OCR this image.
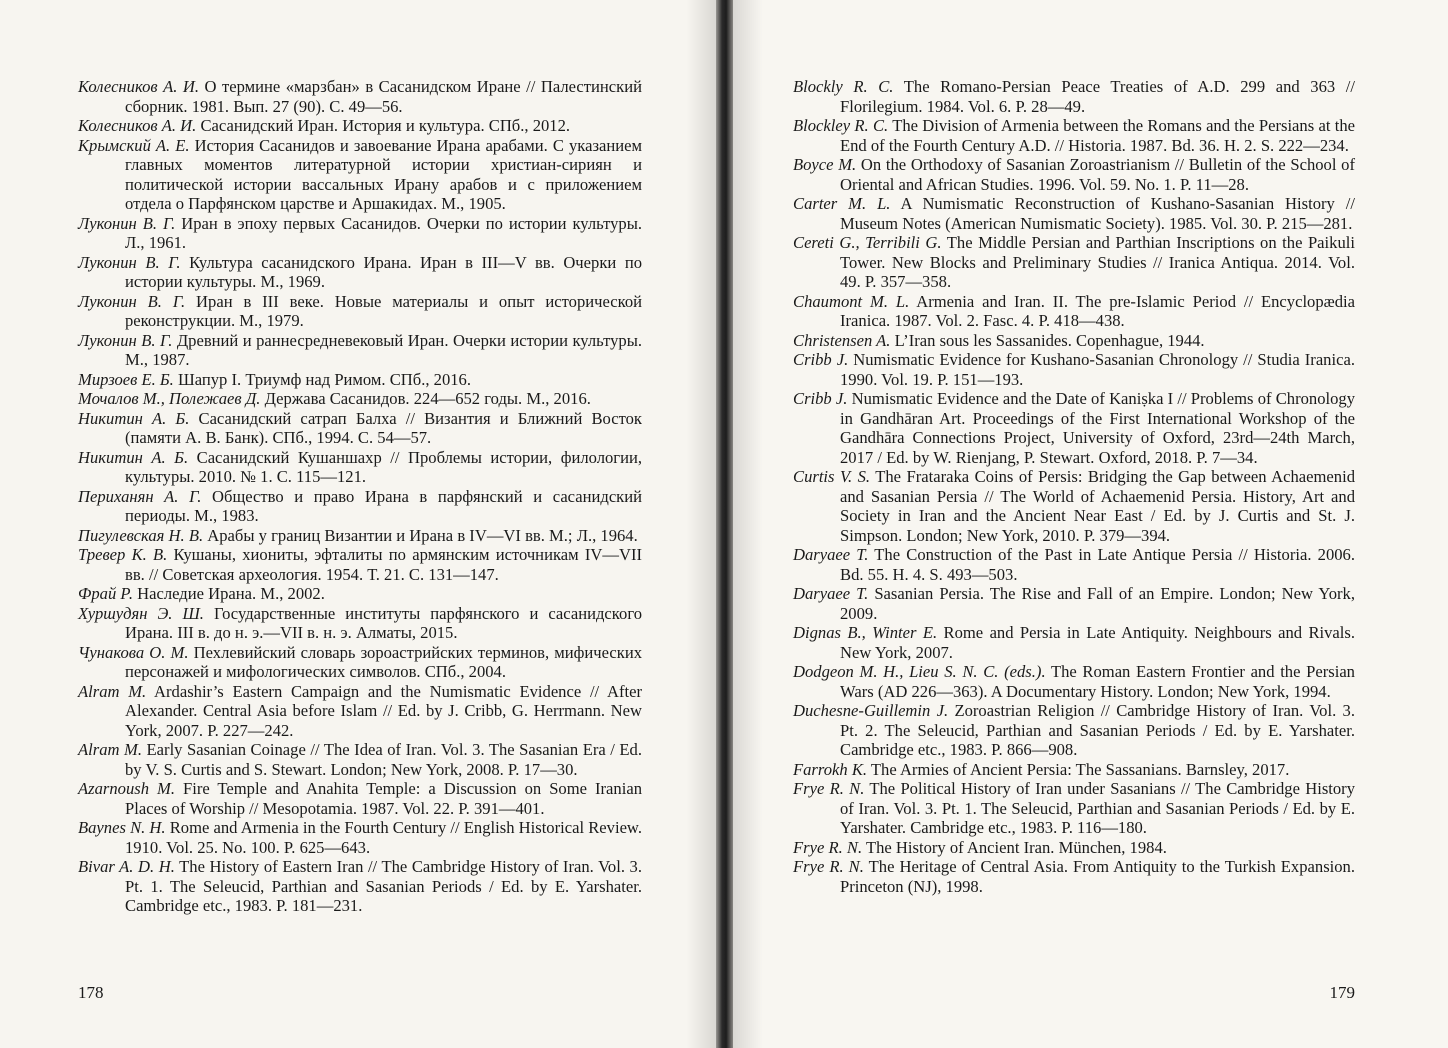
Колесников А. И. О термине «марзбан» в Сасанидском Иране // Палестинский сборник. 1981. Вып. 27 (90). С. 49—56.

Колесников А. И. Сасанидский Иран. История и культура. СПб., 2012.

Крымский А. Е. История Сасанидов и завоевание Ирана арабами. С указанием главных моментов литературной истории христиан-сириян и политической истории вассальных Ирану арабов и с приложением отдела о Парфянском царстве и Аршакидах. М., 1905.

Луконин В. Г. Иран в эпоху первых Сасанидов. Очерки по истории культуры. Л., 1961.

Луконин В. Г. Культура сасанидского Ирана. Иран в III—V вв. Очерки по истории культуры. М., 1969.

Луконин В. Г. Иран в III веке. Новые материалы и опыт исторической реконструкции. М., 1979.

Луконин В. Г. Древний и раннесредневековый Иран. Очерки истории культуры. М., 1987.

Мирзоев Е. Б. Шапур I. Триумф над Римом. СПб., 2016.

Мочалов М., Полежаев Д. Держава Сасанидов. 224—652 годы. М., 2016.

Никитин А. Б. Сасанидский сатрап Балха // Византия и Ближний Восток (памяти А. В. Банк). СПб., 1994. С. 54—57.

Никитин А. Б. Сасанидский Кушаншахр // Проблемы истории, филологии, культуры. 2010. № 1. С. 115—121.

Периханян А. Г. Общество и право Ирана в парфянский и сасанидский периоды. М., 1983.

Пигулевская Н. В. Арабы у границ Византии и Ирана в IV—VI вв. М.; Л., 1964.

Тревер К. В. Кушаны, хиониты, эфталиты по армянским источникам IV—VII вв. // Советская археология. 1954. Т. 21. С. 131—147.

Фрай Р. Наследие Ирана. М., 2002.

Хуршудян Э. Ш. Государственные институты парфянского и сасанидского Ирана. III в. до н. э.—VII в. н. э. Алматы, 2015.

Чунакова О. М. Пехлевийский словарь зороастрийских терминов, мифических персонажей и мифологических символов. СПб., 2004.

Alram M. Ardashir’s Eastern Campaign and the Numismatic Evidence // After Alexander. Central Asia before Islam // Ed. by J. Cribb, G. Herrmann. New York, 2007. P. 227—242.

Alram M. Early Sasanian Coinage // The Idea of Iran. Vol. 3. The Sasanian Era / Ed. by V. S. Curtis and S. Stewart. London; New York, 2008. P. 17—30.

Azarnoush M. Fire Temple and Anahita Temple: a Discussion on Some Iranian Places of Worship // Mesopotamia. 1987. Vol. 22. P. 391—401.

Baynes N. H. Rome and Armenia in the Fourth Century // English Historical Review. 1910. Vol. 25. No. 100. P. 625—643.

Bivar A. D. H. The History of Eastern Iran // The Cambridge History of Iran. Vol. 3. Pt. 1. The Seleucid, Parthian and Sasanian Periods / Ed. by E. Yarshater. Cambridge etc., 1983. P. 181—231.

178

Blockly R. C. The Romano-Persian Peace Treaties of A.D. 299 and 363 // Florilegium. 1984. Vol. 6. P. 28—49.

Blockley R. C. The Division of Armenia between the Romans and the Persians at the End of the Fourth Century A.D. // Historia. 1987. Bd. 36. H. 2. S. 222—234.

Boyce M. On the Orthodoxy of Sasanian Zoroastrianism // Bulletin of the School of Oriental and African Studies. 1996. Vol. 59. No. 1. P. 11—28.

Carter M. L. A Numismatic Reconstruction of Kushano-Sasanian History // Museum Notes (American Numismatic Society). 1985. Vol. 30. P. 215—281.

Cereti G., Terribili G. The Middle Persian and Parthian Inscriptions on the Paikuli Tower. New Blocks and Preliminary Studies // Iranica Antiqua. 2014. Vol. 49. P. 357—358.

Chaumont M. L. Armenia and Iran. II. The pre-Islamic Period // Encyclopædia Iranica. 1987. Vol. 2. Fasc. 4. P. 418—438.

Christensen A. L’Iran sous les Sassanides. Copenhague, 1944.

Cribb J. Numismatic Evidence for Kushano-Sasanian Chronology // Studia Iranica. 1990. Vol. 19. P. 151—193.

Cribb J. Numismatic Evidence and the Date of Kaniṣka I // Problems of Chronology in Gandhāran Art. Proceedings of the First International Workshop of the Gandhāra Connections Project, University of Oxford, 23rd—24th March, 2017 / Ed. by W. Rienjang, P. Stewart. Oxford, 2018. P. 7—34.

Curtis V. S. The Frataraka Coins of Persis: Bridging the Gap between Achaemenid and Sasanian Persia // The World of Achaemenid Persia. History, Art and Society in Iran and the Ancient Near East / Ed. by J. Curtis and St. J. Simpson. London; New York, 2010. P. 379—394.

Daryaee T. The Construction of the Past in Late Antique Persia // Historia. 2006. Bd. 55. H. 4. S. 493—503.

Daryaee T. Sasanian Persia. The Rise and Fall of an Empire. London; New York, 2009.

Dignas B., Winter E. Rome and Persia in Late Antiquity. Neighbours and Rivals. New York, 2007.

Dodgeon M. H., Lieu S. N. C. (eds.). The Roman Eastern Frontier and the Persian Wars (AD 226—363). A Documentary History. London; New York, 1994.

Duchesne-Guillemin J. Zoroastrian Religion // Cambridge History of Iran. Vol. 3. Pt. 2. The Seleucid, Parthian and Sasanian Periods / Ed. by E. Yarshater. Cambridge etc., 1983. P. 866—908.

Farrokh K. The Armies of Ancient Persia: The Sassanians. Barnsley, 2017.

Frye R. N. The Political History of Iran under Sasanians // The Cambridge History of Iran. Vol. 3. Pt. 1. The Seleucid, Parthian and Sasanian Periods / Ed. by E. Yarshater. Cambridge etc., 1983. P. 116—180.

Frye R. N. The History of Ancient Iran. München, 1984.

Frye R. N. The Heritage of Central Asia. From Antiquity to the Turkish Expansion. Princeton (NJ), 1998.

179
